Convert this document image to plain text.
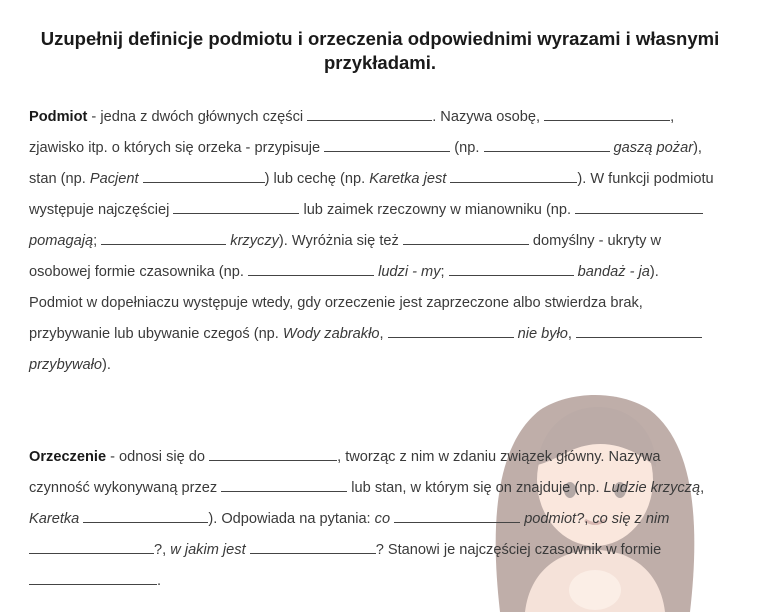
Uzupełnij definicje podmiotu i orzeczenia odpowiednimi wyrazami i własnymi przykładami.
Podmiot - jedna z dwóch głównych części	. Nazywa osobę,	,
zjawisko itp. o których się orzeka - przypisuje	(np.	gaszą pożar),
stan (np. Pacjent	) lub cechę (np. Karetka jest	). W funkcji podmiotu
występuje najczęściej	lub zaimek rzeczowny w mianowniku (np.
pomagają;	krzyczy). Wyróżnia się też	domyślny - ukryty w
osobowej formie czasownika (np.	ludzi - my;	bandaż - ja).
Podmiot w dopełniaczu występuje wtedy, gdy orzeczenie jest zaprzeczone albo stwierdza brak,
przybywanie lub ubywanie czegoś (np. Wody zabrakło,	nie było,
przybywało).
Orzeczenie - odnosi się do	, tworząc z nim w zdaniu związek główny. Nazywa
czynność wykonywaną przez	lub stan, w którym się on znajduje (np. Ludzie krzyczą,
Karetka	). Odpowiada na pytania: co	podmiot?, co się z nim
?, w jakim jest	? Stanowi je najczęściej czasownik w formie
.
